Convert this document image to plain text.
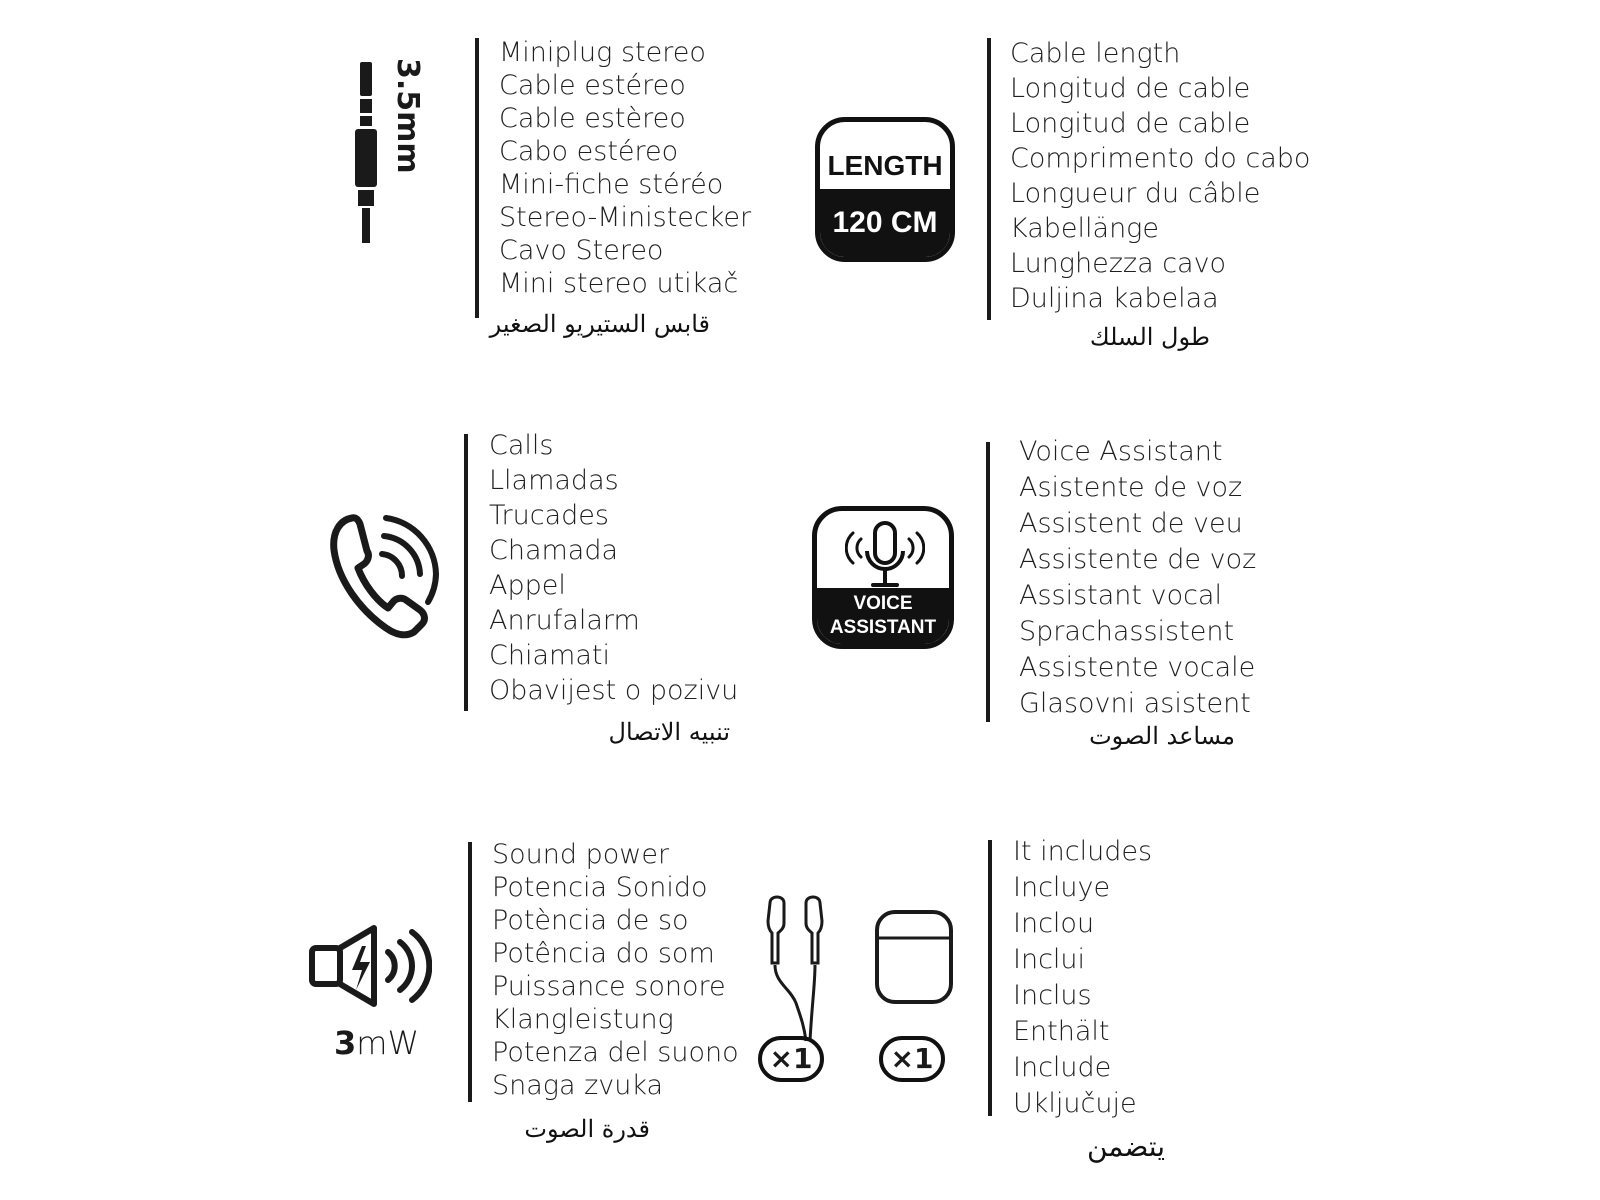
3.5mm
Miniplug stereo
Cable estéreo
Cable estèreo
Cabo estéreo
Mini-fiche stéréo
Stereo-Ministecker
Cavo Stereo
Mini stereo utikač
قابس الستيريو الصغير
LENGTH
120 CM
Cable length
Longitud de cable
Longitud de cable
Comprimento do cabo
Longueur du câble
Kabellänge
Lunghezza cavo
Duljina kabelaa
طول السلك
Calls
Llamadas
Trucades
Chamada
Appel
Anrufalarm
Chiamati
Obavijest o pozivu
تنبيه الاتصال
VOICE
ASSISTANT
Voice Assistant
Asistente de voz
Assistent de veu
Assistente de voz
Assistant vocal
Sprachassistent
Assistente vocale
Glasovni asistent
مساعد الصوت
3mW
Sound power
Potencia Sonido
Potència de so
Potência do som
Puissance sonore
Klangleistung
Potenza del suono
Snaga zvuka
قدرة الصوت
×1	×1
It includes
Incluye
Inclou
Inclui
Inclus
Enthält
Include
Uključuje
يتضمن
